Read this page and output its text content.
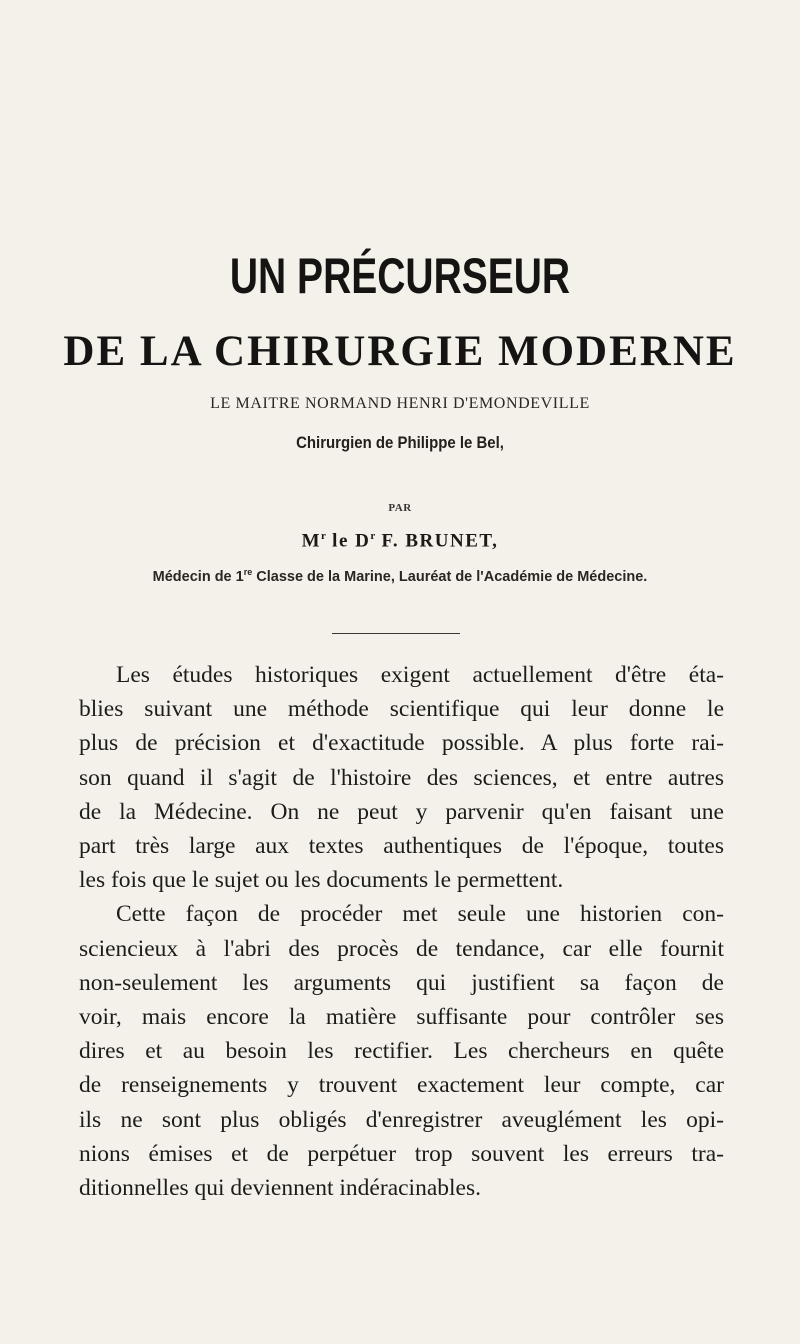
UN PRÉCURSEUR
DE LA CHIRURGIE MODERNE
LE MAITRE NORMAND HENRI D'EMONDEVILLE
Chirurgien de Philippe le Bel,
PAR
$M^r$ le $D^r$ F. BRUNET,
Médecin de 1re Classe de la Marine, Lauréat de l'Académie de Médecine.
Les études historiques exigent actuellement d'être éta-
blies suivant une méthode scientifique qui leur donne le
plus de précision et d'exactitude possible. A plus forte rai-
son quand il s'agit de l'histoire des sciences, et entre autres
de la Médecine. On ne peut y parvenir qu'en faisant une
part très large aux textes authentiques de l'époque, toutes
les fois que le sujet ou les documents le permettent.
Cette façon de procéder met seule une historien con-
sciencieux à l'abri des procès de tendance, car elle fournit
non-seulement les arguments qui justifient sa façon de
voir, mais encore la matière suffisante pour contrôler ses
dires et au besoin les rectifier. Les chercheurs en quête
de renseignements y trouvent exactement leur compte, car
ils ne sont plus obligés d'enregistrer aveuglément les opi-
nions émises et de perpétuer trop souvent les erreurs tra-
ditionnelles qui deviennent indéracinables.
